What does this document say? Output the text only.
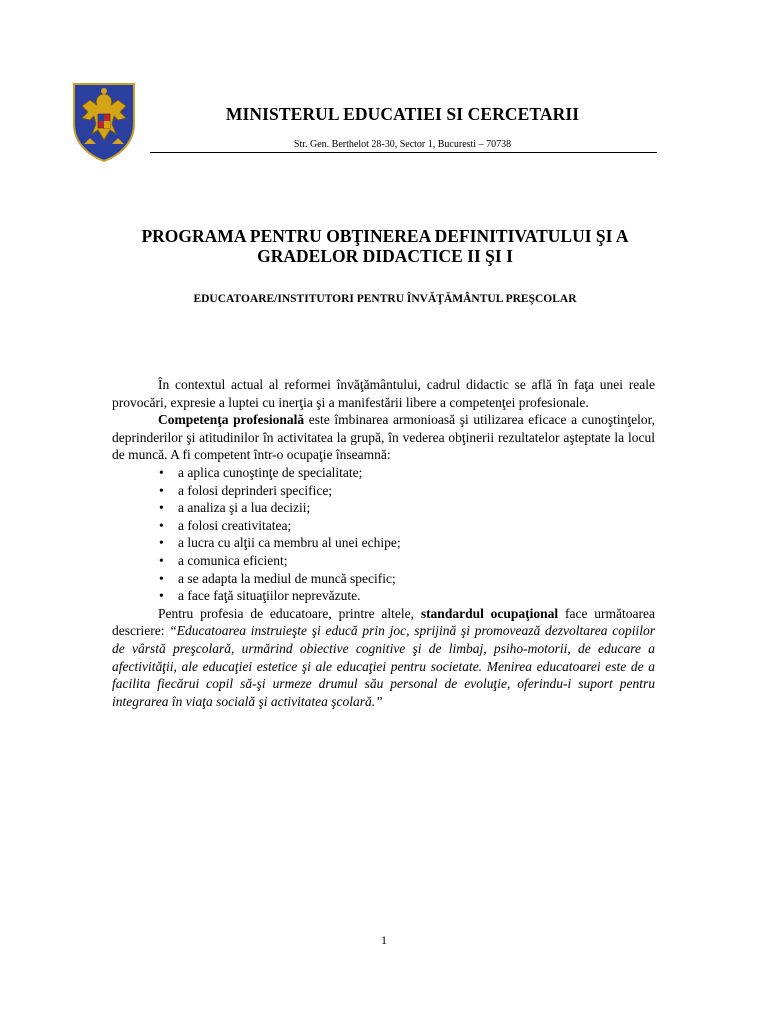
MINISTERUL EDUCATIEI SI CERCETARII
Str. Gen. Berthelot 28-30, Sector 1, Bucuresti – 70738
PROGRAMA PENTRU OBŢINEREA DEFINITIVATULUI ŞI A
GRADELOR DIDACTICE II ŞI I
EDUCATOARE/INSTITUTORI PENTRU ÎNVĂŢĂMÂNTUL PREŞCOLAR

În contextul actual al reformei învăţământului, cadrul didactic se află în faţa unei reale provocări, expresie a luptei cu inerţia şi a manifestării libere a competenţei profesionale.

Competenţa profesională este îmbinarea armonioasă şi utilizarea eficace a cunoştinţelor, deprinderilor şi atitudinilor în activitatea la grupă, în vederea obţinerii rezultatelor aşteptate la locul de muncă. A fi competent într-o ocupaţie înseamnă:

• a aplica cunoştinţe de specialitate;
• a folosi deprinderi specifice;
• a analiza şi a lua decizii;
• a folosi creativitatea;
• a lucra cu alţii ca membru al unei echipe;
• a comunica eficient;
• a se adapta la mediul de muncă specific;
• a face faţă situaţiilor neprevăzute.

Pentru profesia de educatoare, printre altele, standardul ocupaţional face următoarea descriere: “Educatoarea instruieşte şi educă prin joc, sprijină şi promovează dezvoltarea copiilor de vârstă preşcolară, urmărind obiective cognitive şi de limbaj, psiho-motorii, de educare a afectivităţii, ale educaţiei estetice şi ale educaţiei pentru societate. Menirea educatoarei este de a facilita fiecărui copil să-şi urmeze drumul său personal de evoluţie, oferindu-i suport pentru integrarea în viaţa socială şi activitatea şcolară.”

1
